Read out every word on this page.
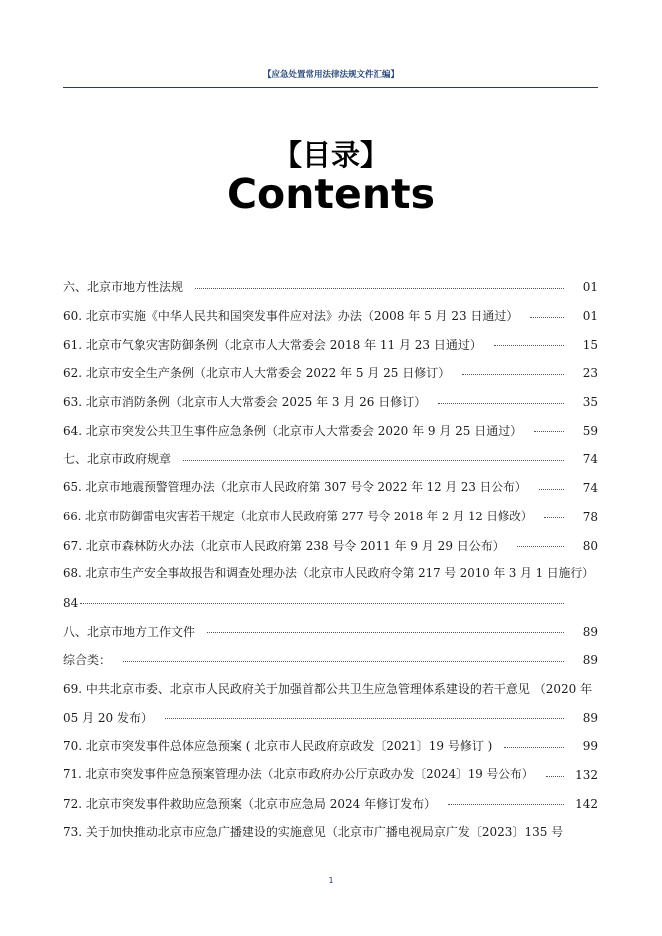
【应急处置常用法律法规文件汇编】
【目录】
Contents
六、北京市地方性法规	01
60. 北京市实施《中华人民共和国突发事件应对法》办法（2008 年 5 月 23 日通过）	01
61. 北京市气象灾害防御条例（北京市人大常委会 2018 年 11 月 23 日通过）	15
62. 北京市安全生产条例（北京市人大常委会 2022 年 5 月 25 日修订）	23
63. 北京市消防条例（北京市人大常委会 2025 年 3 月 26 日修订）	35
64. 北京市突发公共卫生事件应急条例（北京市人大常委会 2020 年 9 月 25 日通过）	59
七、北京市政府规章	74
65. 北京市地震预警管理办法（北京市人民政府第 307 号令 2022 年 12 月 23 日公布）	74
66. 北京市防御雷电灾害若干规定（北京市人民政府第 277 号令 2018 年 2 月 12 日修改）	78
67. 北京市森林防火办法（北京市人民政府第 238 号令 2011 年 9 月 29 日公布）	80
68. 北京市生产安全事故报告和调查处理办法（北京市人民政府令第 217 号 2010 年 3 月 1 日施行）
84
八、北京市地方工作文件	89
综合类：	89
69. 中共北京市委、北京市人民政府关于加强首都公共卫生应急管理体系建设的若干意见 （2020 年
05 月 20 发布）	89
70. 北京市突发事件总体应急预案 ( 北京市人民政府京政发〔2021〕19 号修订 )	99
71. 北京市突发事件应急预案管理办法（北京市政府办公厅京政办发〔2024〕19 号公布）	132
72. 北京市突发事件救助应急预案（北京市应急局 2024 年修订发布）	142
73. 关于加快推动北京市应急广播建设的实施意见（北京市广播电视局京广发〔2023〕135 号
1
